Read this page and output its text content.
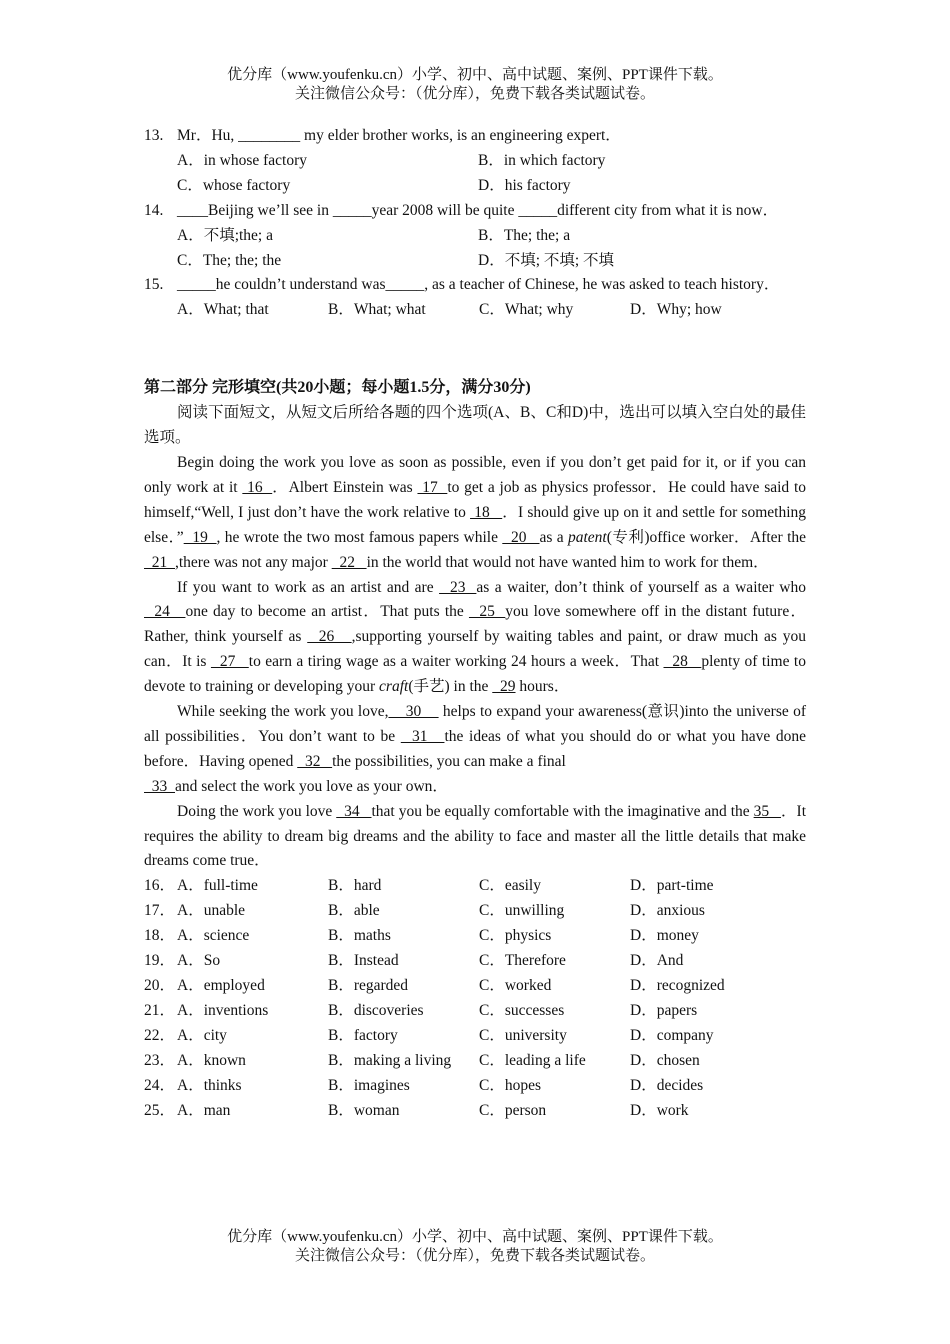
优分库（www.youfenku.cn）小学、初中、高中试题、案例、PPT课件下载。
关注微信公众号：（优分库），免费下载各类试题试卷。
13. Mr．Hu, ________ my elder brother works, is an engineering expert．
A．in whose factory	B．in which factory
C．whose factory	D．his factory
14. ____Beijing we’ll see in _____year 2008 will be quite _____different city from what it is now．
A．不填;the; a	B．The; the; a
C．The; the; the	D．不填; 不填; 不填
15. _____he couldn’t understand was_____, as a teacher of Chinese, he was asked to teach history．
A．What; that	B．What; what	C．What; why	D．Why; how
第二部分 完形填空(共20小题；每小题1.5分，满分30分)

阅读下面短文，从短文后所给各题的四个选项(A、B、C和D)中，选出可以填入空白处的最佳选项。

Begin doing the work you love as soon as possible, even if you don’t get paid for it, or if you can only work at it  16  ．Albert Einstein was  17  to get a job as physics professor．He could have said to himself,“Well, I just don’t have the work relative to  18   ．I should give up on it and settle for something else．”  19  , he wrote the two most famous papers while   20   as a patent(专利)office worker．After the   21  ,there was not any major   22   in the world that would not have wanted him to work for them．

If you want to work as an artist and are   23  as a waiter, don’t think of yourself as a waiter who   24   one day to become an artist．That puts the   25  you love somewhere off in the distant future．Rather, think yourself as   26   ,supporting yourself by waiting tables and paint, or draw much as you can．It is   27   to earn a tiring wage as a waiter working 24 hours a week．That   28   plenty of time to devote to training or developing your craft(手艺) in the   29 hours．

While seeking the work you love,    30     helps to expand your awareness(意识)into the universe of all possibilities．You don’t want to be   31   the ideas of what you should do or what you have done before．Having opened   32   the possibilities, you can make a final

33  and select the work you love as your own．

Doing the work you love   34   that you be equally comfortable with the imaginative and the 35   ．It requires the ability to dream big dreams and the ability to face and master all the little details that make dreams come true．

16． A．full-time	B．hard	C．easily	D．part-time
17． A．unable	B．able	C．unwilling	D．anxious
18． A．science	B．maths	C．physics	D．money
19． A．So	B．Instead	C．Therefore	D．And
20． A．employed	B．regarded	C．worked	D．recognized
21． A．inventions	B．discoveries	C．successes	D．papers
22． A．city	B．factory	C．university	D．company
23． A．known	B．making a living	C．leading a life	D．chosen
24． A．thinks	B．imagines	C．hopes	D．decides
25． A．man	B．woman	C．person	D．work
优分库（www.youfenku.cn）小学、初中、高中试题、案例、PPT课件下载。
关注微信公众号：（优分库），免费下载各类试题试卷。
